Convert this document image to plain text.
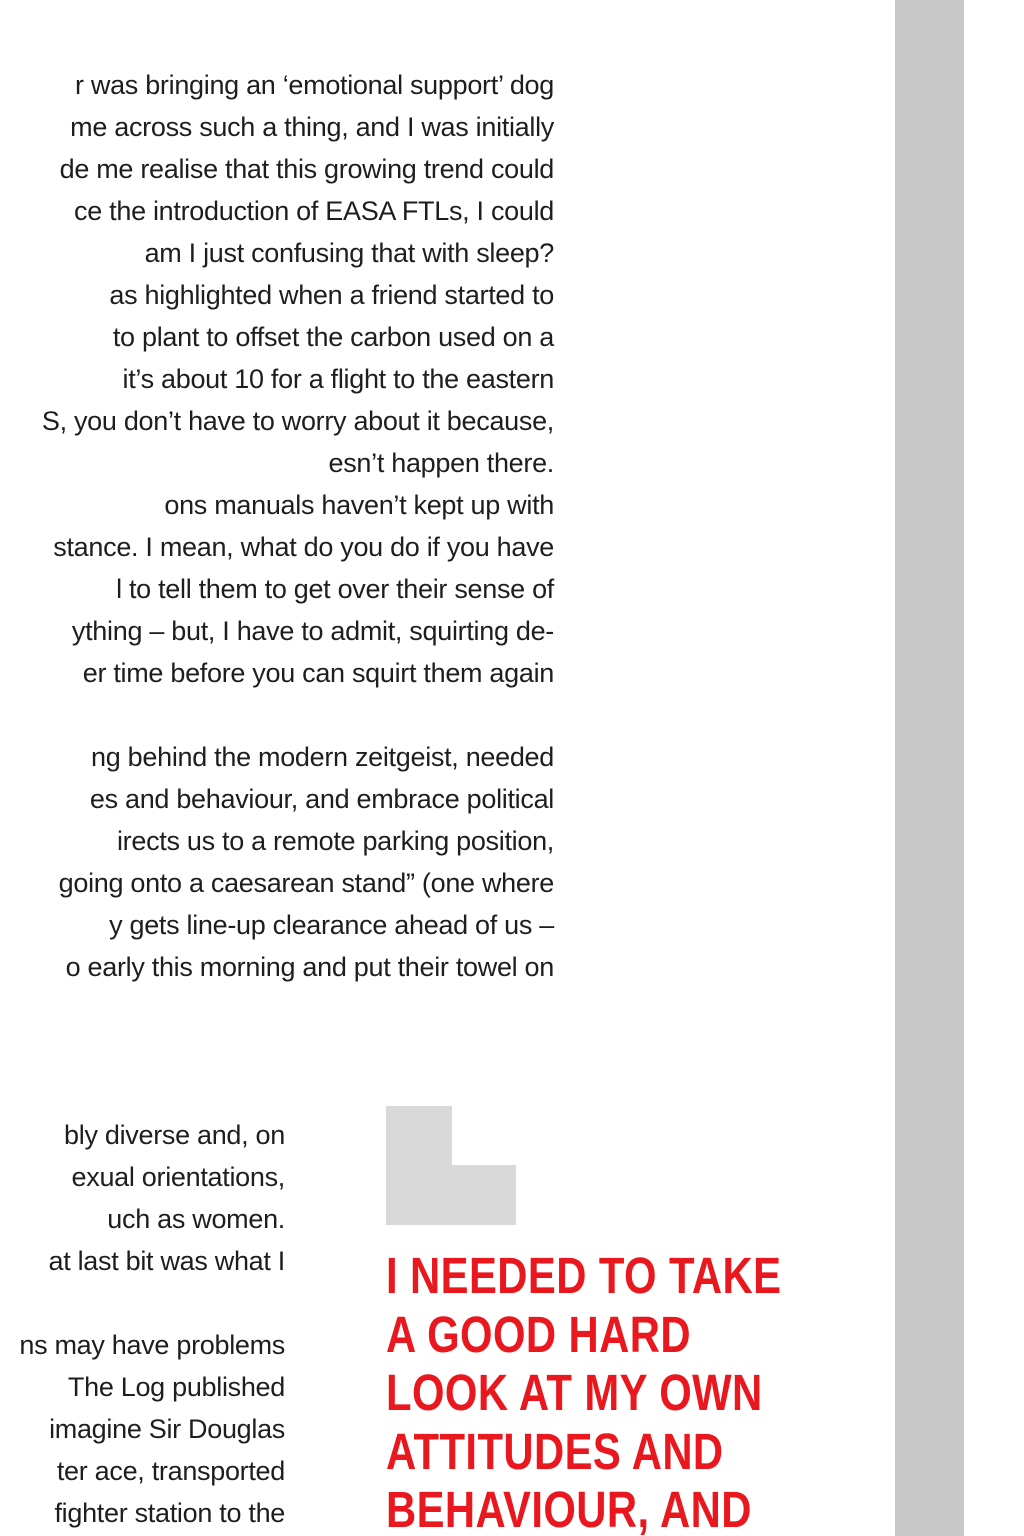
r was bringing an ‘emotional support’ dog
me across such a thing, and I was initially
de me realise that this growing trend could
ce the introduction of EASA FTLs, I could
am I just confusing that with sleep?
as highlighted when a friend started to
to plant to offset the carbon used on a
it’s about 10 for a flight to the eastern
S, you don’t have to worry about it because,
esn’t happen there.
ons manuals haven’t kept up with
stance. I mean, what do you do if you have
l to tell them to get over their sense of
ything – but, I have to admit, squirting de-
er time before you can squirt them again
ng behind the modern zeitgeist, needed
es and behaviour, and embrace political
irects us to a remote parking position,
going onto a caesarean stand” (one where
y gets line-up clearance ahead of us –
o early this morning and put their towel on
bly diverse and, on
exual orientations,
uch as women.
at last bit was what I
ns may have problems
The Log published
imagine Sir Douglas
ter ace, transported
fighter station to the
I NEEDED TO TAKE
A GOOD HARD
LOOK AT MY OWN
ATTITUDES AND
BEHAVIOUR, AND
